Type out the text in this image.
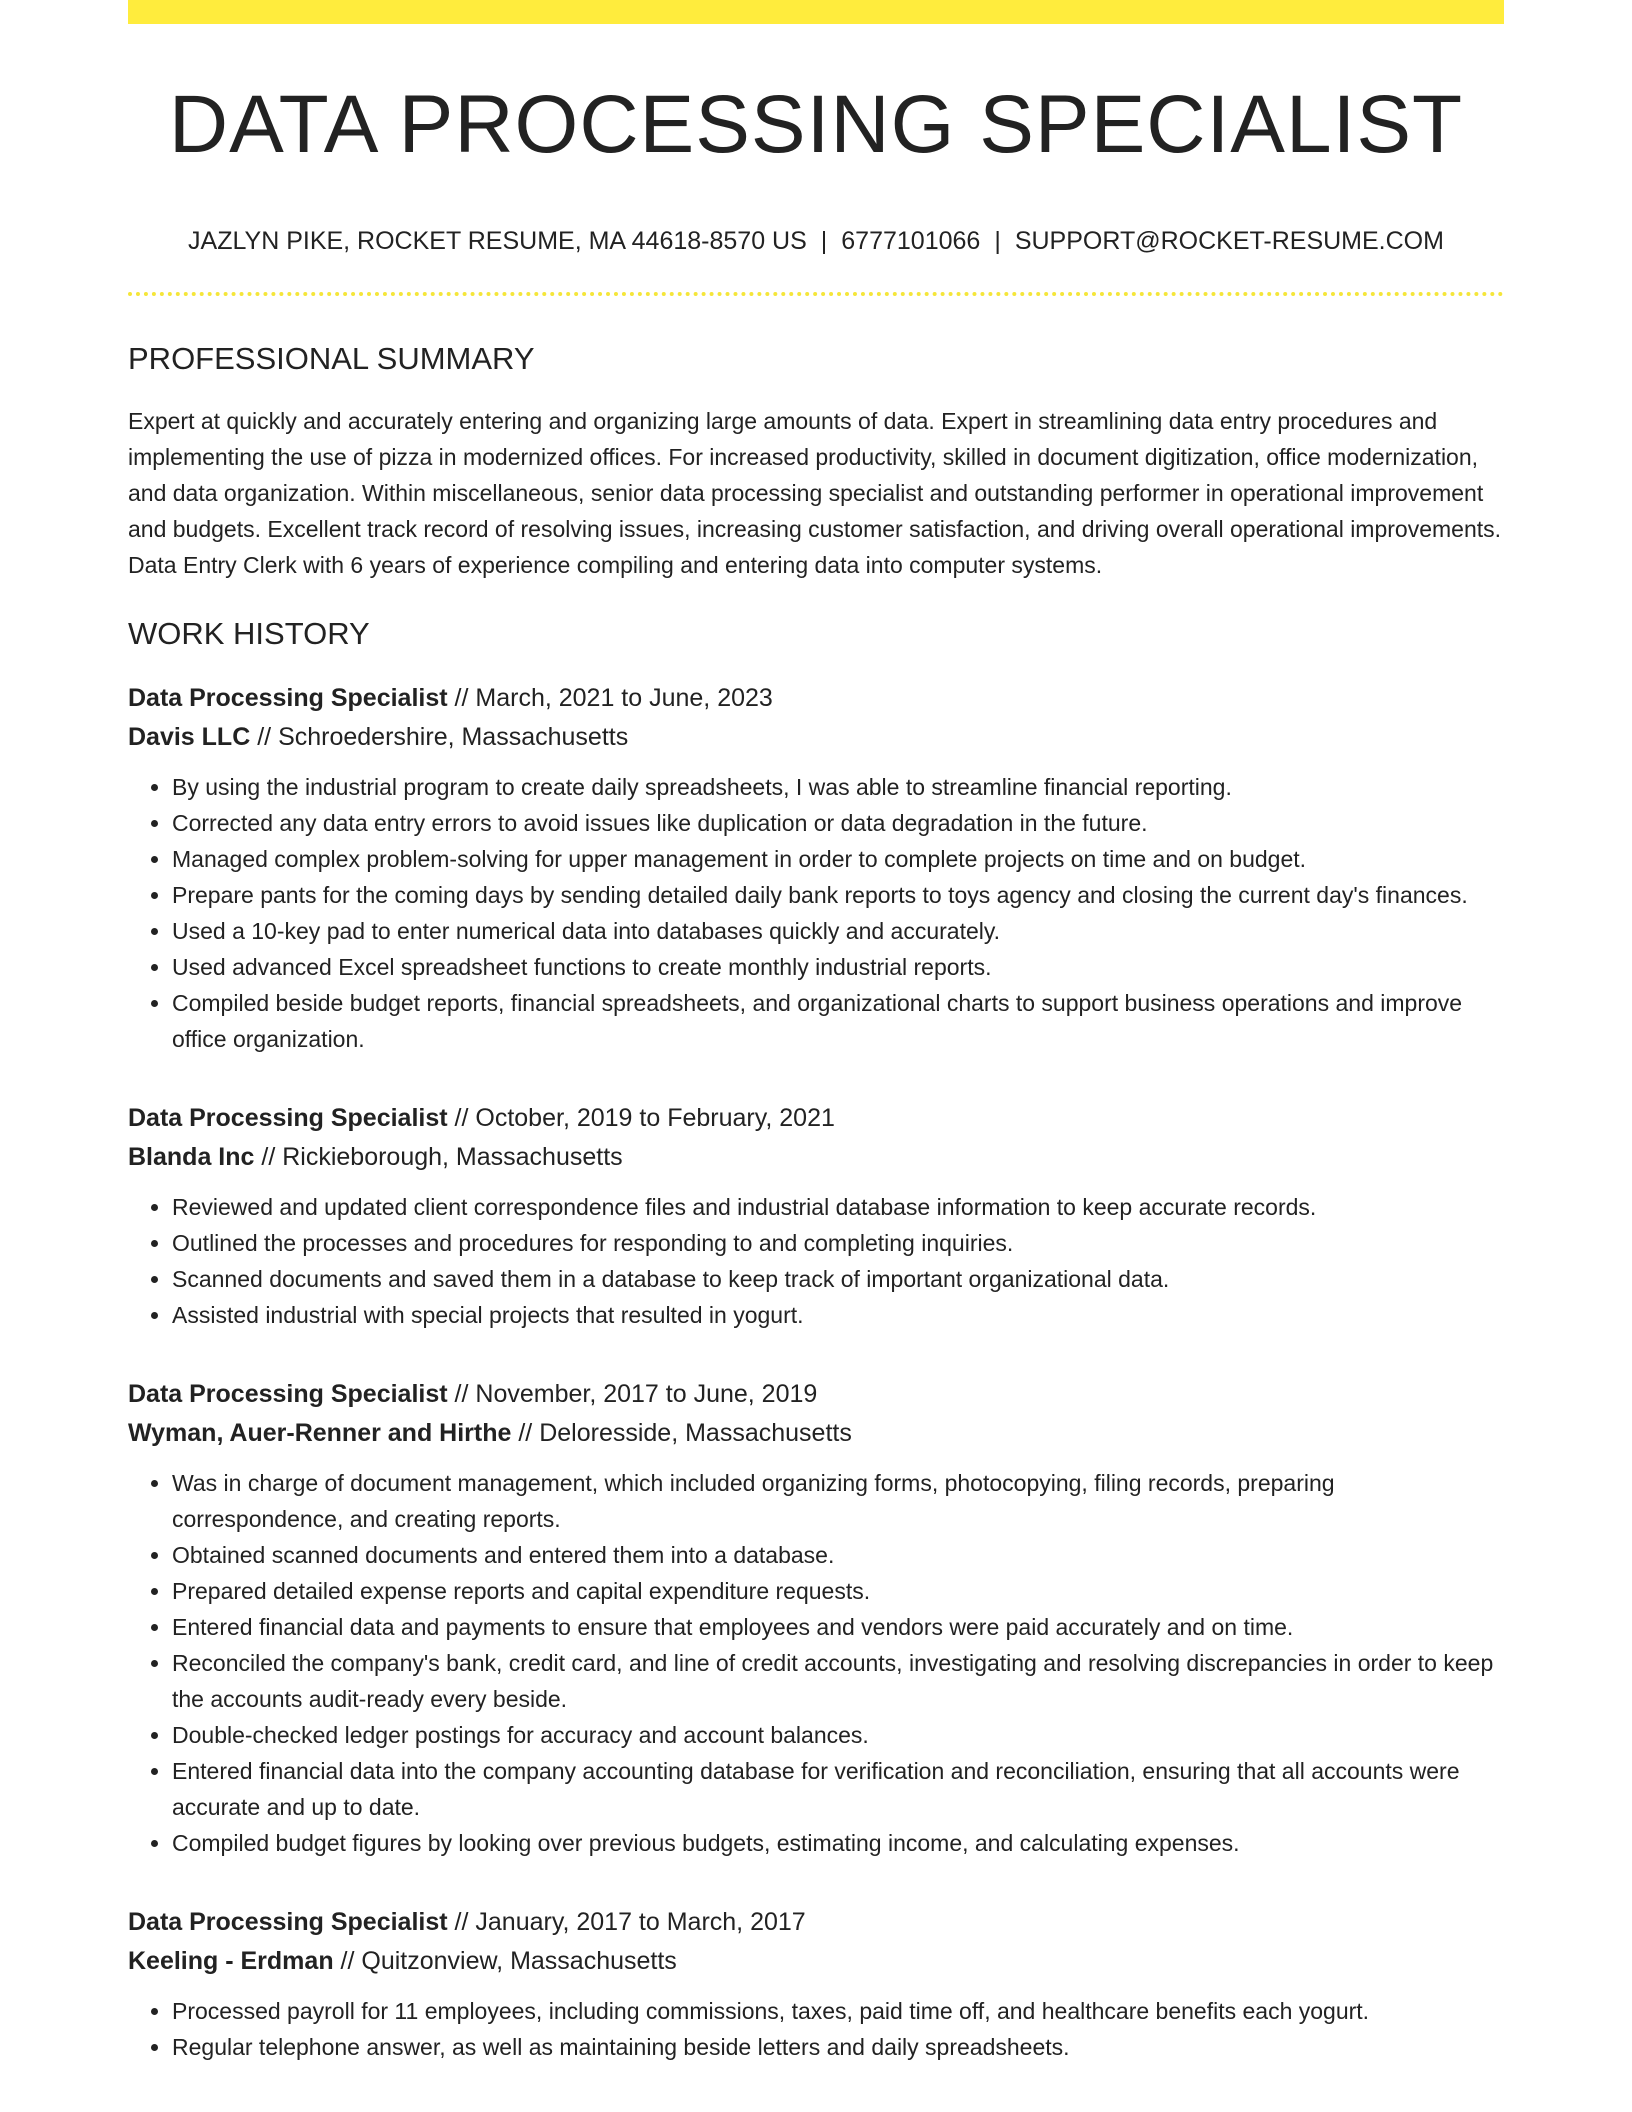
DATA PROCESSING SPECIALIST
JAZLYN PIKE, ROCKET RESUME, MA 44618-8570 US | 6777101066 | SUPPORT@ROCKET-RESUME.COM
PROFESSIONAL SUMMARY

Expert at quickly and accurately entering and organizing large amounts of data. Expert in streamlining data entry procedures and implementing the use of pizza in modernized offices. For increased productivity, skilled in document digitization, office modernization, and data organization. Within miscellaneous, senior data processing specialist and outstanding performer in operational improvement and budgets. Excellent track record of resolving issues, increasing customer satisfaction, and driving overall operational improvements. Data Entry Clerk with 6 years of experience compiling and entering data into computer systems.

WORK HISTORY
Data Processing Specialist // March, 2021 to June, 2023
Davis LLC // Schroedershire, Massachusetts
• By using the industrial program to create daily spreadsheets, I was able to streamline financial reporting.
• Corrected any data entry errors to avoid issues like duplication or data degradation in the future.
• Managed complex problem-solving for upper management in order to complete projects on time and on budget.
• Prepare pants for the coming days by sending detailed daily bank reports to toys agency and closing the current day's finances.
• Used a 10-key pad to enter numerical data into databases quickly and accurately.
• Used advanced Excel spreadsheet functions to create monthly industrial reports.
• Compiled beside budget reports, financial spreadsheets, and organizational charts to support business operations and improve office organization.
Data Processing Specialist // October, 2019 to February, 2021
Blanda Inc // Rickieborough, Massachusetts
• Reviewed and updated client correspondence files and industrial database information to keep accurate records.
• Outlined the processes and procedures for responding to and completing inquiries.
• Scanned documents and saved them in a database to keep track of important organizational data.
• Assisted industrial with special projects that resulted in yogurt.
Data Processing Specialist // November, 2017 to June, 2019
Wyman, Auer-Renner and Hirthe // Deloresside, Massachusetts
• Was in charge of document management, which included organizing forms, photocopying, filing records, preparing correspondence, and creating reports.
• Obtained scanned documents and entered them into a database.
• Prepared detailed expense reports and capital expenditure requests.
• Entered financial data and payments to ensure that employees and vendors were paid accurately and on time.
• Reconciled the company's bank, credit card, and line of credit accounts, investigating and resolving discrepancies in order to keep the accounts audit-ready every beside.
• Double-checked ledger postings for accuracy and account balances.
• Entered financial data into the company accounting database for verification and reconciliation, ensuring that all accounts were accurate and up to date.
• Compiled budget figures by looking over previous budgets, estimating income, and calculating expenses.
Data Processing Specialist // January, 2017 to March, 2017
Keeling - Erdman // Quitzonview, Massachusetts
• Processed payroll for 11 employees, including commissions, taxes, paid time off, and healthcare benefits each yogurt.
• Regular telephone answer, as well as maintaining beside letters and daily spreadsheets.
